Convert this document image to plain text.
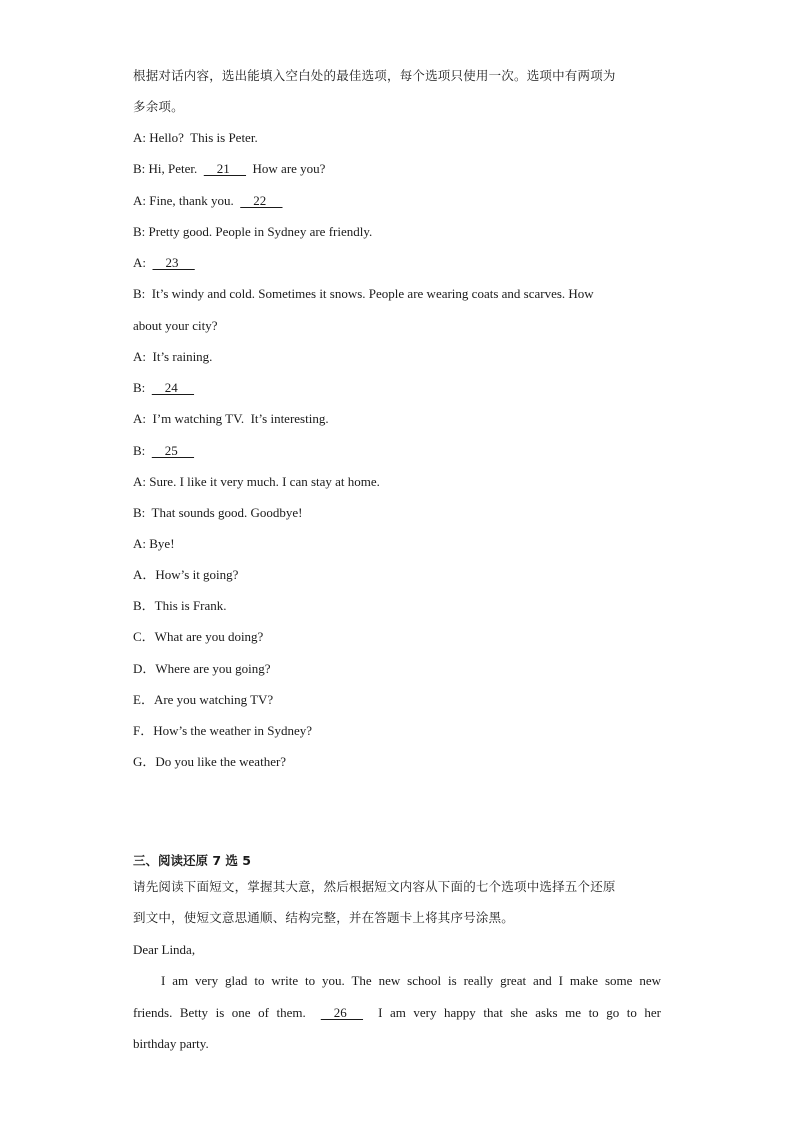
根据对话内容，选出能填入空白处的最佳选项，每个选项只使用一次。选项中有两项为
多余项。
A: Hello?  This is Peter.
B: Hi, Peter.      21       How are you?
A: Fine, thank you.      22
B: Pretty good. People in Sydney are friendly.
A:      23
B:  It’s windy and cold. Sometimes it snows. People are wearing coats and scarves. How
about your city?
A:  It’s raining.
B:      24
A:  I’m watching TV.  It’s interesting.
B:      25
A: Sure. I like it very much. I can stay at home.
B:  That sounds good. Goodbye!
A: Bye!
A．How’s it going?
B．This is Frank.
C．What are you doing?
D．Where are you going?
E．Are you watching TV?
F．How’s the weather in Sydney?
G．Do you like the weather?
三、阅读还原 7 选 5
请先阅读下面短文，掌握其大意，然后根据短文内容从下面的七个选项中选择五个还原
到文中，使短文意思通顺、结构完整，并在答题卡上将其序号涂黑。
Dear Linda,
I am very glad to write to you. The new school is really great and I make some new
friends. Betty is one of them.      26       I am very happy that she asks me to go to her
birthday party.
